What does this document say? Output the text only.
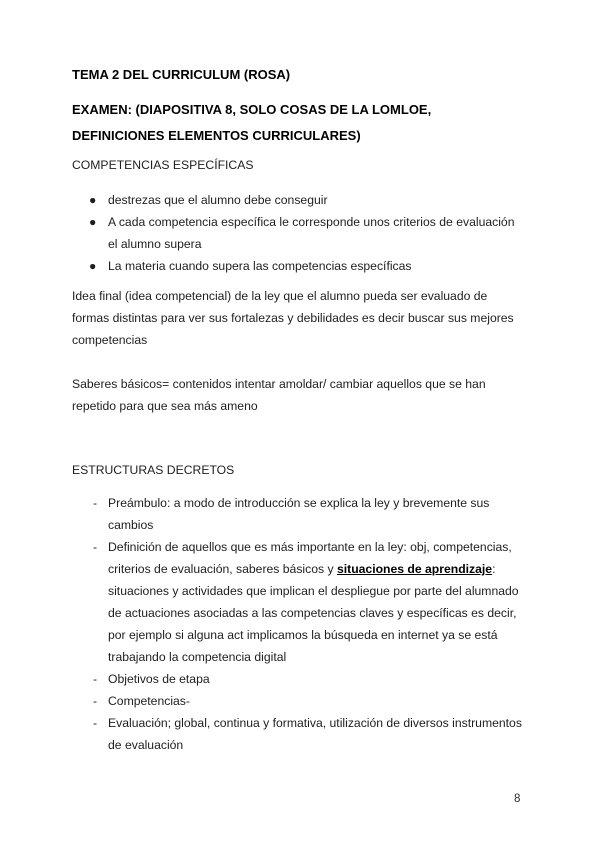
TEMA 2 DEL CURRICULUM (ROSA)

EXAMEN: (DIAPOSITIVA 8, SOLO COSAS DE LA LOMLOE, DEFINICIONES ELEMENTOS CURRICULARES)

COMPETENCIAS ESPECÍFICAS

● destrezas que el alumno debe conseguir
● A cada competencia específica le corresponde unos criterios de evaluación el alumno supera
● La materia cuando supera las competencias específicas

Idea final (idea competencial) de la ley que el alumno pueda ser evaluado de formas distintas para ver sus fortalezas y debilidades es decir buscar sus mejores competencias

Saberes básicos= contenidos intentar amoldar/ cambiar aquellos que se han repetido para que sea más ameno

ESTRUCTURAS DECRETOS

- Preámbulo: a modo de introducción se explica la ley y brevemente sus cambios
- Definición de aquellos que es más importante en la ley: obj, competencias, criterios de evaluación, saberes básicos y situaciones de aprendizaje: situaciones y actividades que implican el despliegue por parte del alumnado de actuaciones asociadas a las competencias claves y específicas es decir, por ejemplo si alguna act implicamos la búsqueda en internet ya se está trabajando la competencia digital
- Objetivos de etapa
- Competencias-
- Evaluación; global, continua y formativa, utilización de diversos instrumentos de evaluación
8
